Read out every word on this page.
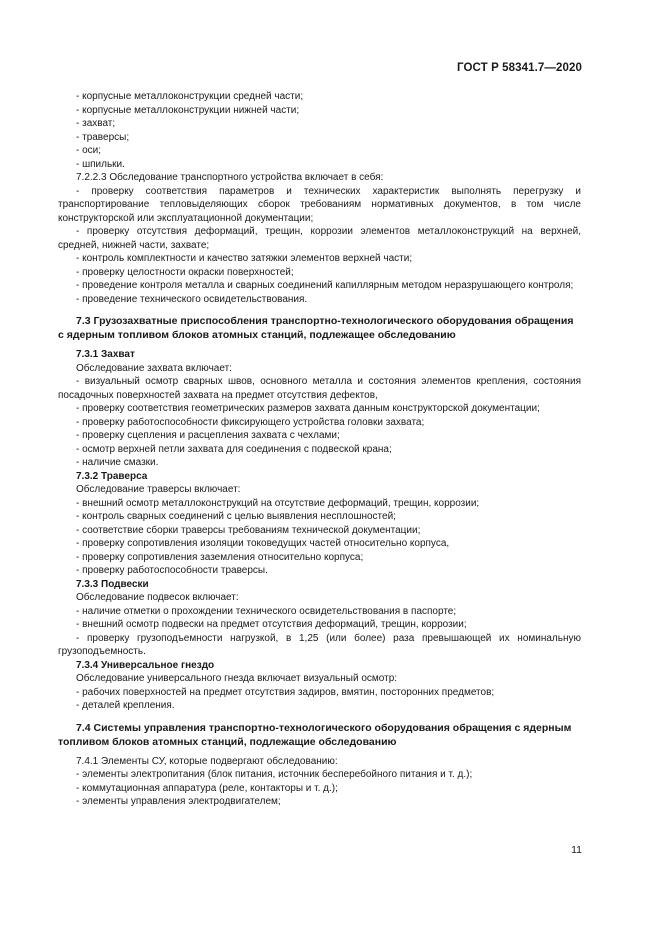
ГОСТ Р 58341.7—2020

- корпусные металлоконструкции средней части;

- корпусные металлоконструкции нижней части;

- захват;

- траверсы;

- оси;

- шпильки.

7.2.2.3 Обследование транспортного устройства включает в себя:

- проверку соответствия параметров и технических характеристик выполнять перегрузку и транспортирование тепловыделяющих сборок требованиям нормативных документов, в том числе конструкторской или эксплуатационной документации;

- проверку отсутствия деформаций, трещин, коррозии элементов металлоконструкций на верхней, средней, нижней части, захвате;

- контроль комплектности и качество затяжки элементов верхней части;

- проверку целостности окраски поверхностей;

- проведение контроля металла и сварных соединений капиллярным методом неразрушающего контроля;

- проведение технического освидетельствования.

7.3 Грузозахватные приспособления транспортно-технологического оборудования обращения с ядерным топливом блоков атомных станций, подлежащее обследованию

7.3.1 Захват

Обследование захвата включает:

- визуальный осмотр сварных швов, основного металла и состояния элементов крепления, состояния посадочных поверхностей захвата на предмет отсутствия дефектов,

- проверку соответствия геометрических размеров захвата данным конструкторской документации;

- проверку работоспособности фиксирующего устройства головки захвата;

- проверку сцепления и расцепления захвата с чехлами;

- осмотр верхней петли захвата для соединения с подвеской крана;

- наличие смазки.

7.3.2 Траверса

Обследование траверсы включает:

- внешний осмотр металлоконструкций на отсутствие деформаций, трещин, коррозии;

- контроль сварных соединений с целью выявления несплошностей;

- соответствие сборки траверсы требованиям технической документации;

- проверку сопротивления изоляции токоведущих частей относительно корпуса,

- проверку сопротивления заземления относительно корпуса;

- проверку работоспособности траверсы.

7.3.3 Подвески

Обследование подвесок включает:

- наличие отметки о прохождении технического освидетельствования в паспорте;

- внешний осмотр подвески на предмет отсутствия деформаций, трещин, коррозии;

- проверку грузоподъемности нагрузкой, в 1,25 (или более) раза превышающей их номинальную грузоподъемность.

7.3.4 Универсальное гнездо

Обследование универсального гнезда включает визуальный осмотр:

- рабочих поверхностей на предмет отсутствия задиров, вмятин, посторонних предметов;

- деталей крепления.

7.4 Системы управления транспортно-технологического оборудования обращения с ядерным топливом блоков атомных станций, подлежащие обследованию

7.4.1 Элементы СУ, которые подвергают обследованию:

- элементы электропитания (блок питания, источник бесперебойного питания и т. д.);

- коммутационная аппаратура (реле, контакторы и т. д.);

- элементы управления электродвигателем;

11
